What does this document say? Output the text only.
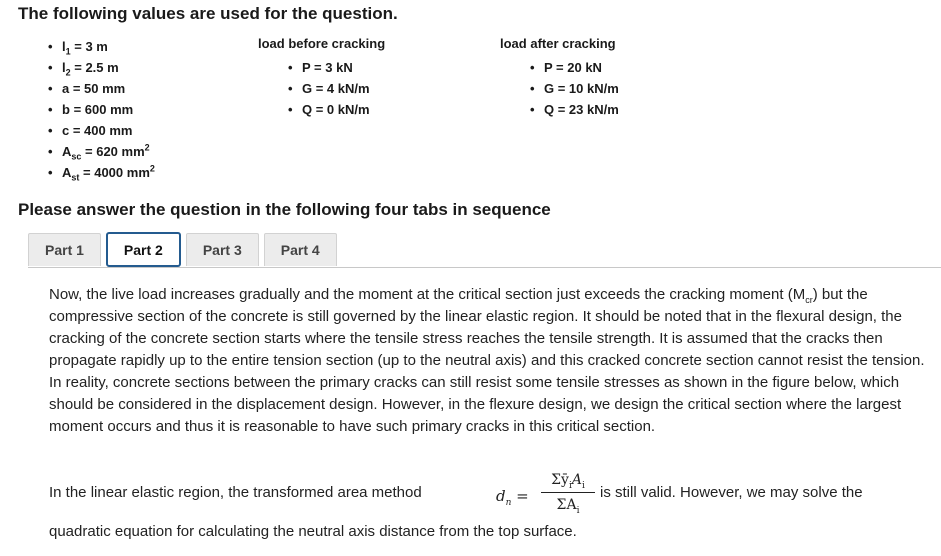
The following values are used for the question.
• $l_1 = 3$ m
• $l_2 = 2.5$ m
• a = 50 mm
• b = 600 mm
• c = 400 mm
• $A_{sc} = 620$ $mm^2$
• $A_{st} = 4000$ $mm^2$
load before cracking
• P = 3 kN
• G = 4 kN/m
• Q = 0 kN/m
load after cracking
• P = 20 kN
• G = 10 kN/m
• Q = 23 kN/m
Please answer the question in the following four tabs in sequence
Part 1	Part 2	Part 3	Part 4

Now, the live load increases gradually and the moment at the critical section just exceeds the cracking moment $(M_{cr})$ but the compressive section of the concrete is still governed by the linear elastic region. It should be noted that in the flexural design, the cracking of the concrete section starts where the tensile stress reaches the tensile strength. It is assumed that the cracks then propagate rapidly up to the entire tension section (up to the neutral axis) and this cracked concrete section cannot resist the tension. In reality, concrete sections between the primary cracks can still resist some tensile stresses as shown in the figure below, which should be considered in the displacement design. However, in the flexure design, we design the critical section where the largest moment occurs and thus it is reasonable to have such primary cracks in this critical section.

In the linear elastic region, the transformed area method	$d_n$ =
$\Sigma ȳ_iA_i$
$\Sigma A_i$
is still valid. However, we may solve the
quadratic equation for calculating the neutral axis distance from the top surface.
